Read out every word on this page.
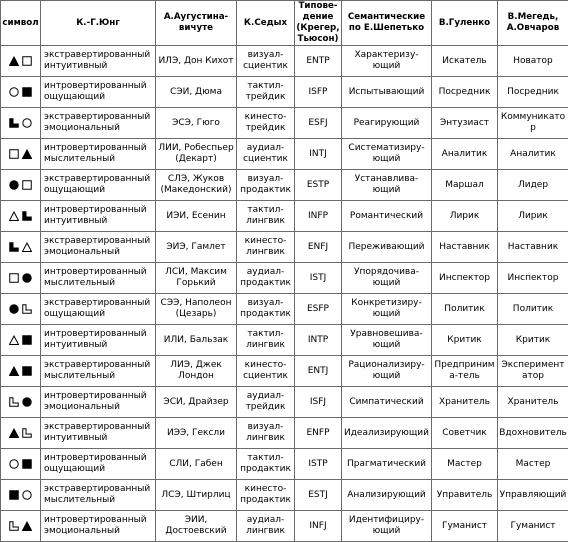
символ	К.-Г.Юнг	А.Аугустина-вичуте	К.Седых	Типове-дение (Крегер, Тьюсон)	Семантические по Е.Шепетько	В.Гуленко	В.Мегедь, А.Овчаров

	экстравертированный интуитивный	ИЛЭ, Дон Кихот	визуал-сциентик	ENTP	Характеризу-ющий	Искатель	Новатор

	интровертированный ощущающий	СЭИ, Дюма	тактил-трейдик	ISFP	Испытывающий	Посредник	Посредник

	экстравертированный эмоциональный	ЭСЭ, Гюго	кинесто-трейдик	ESFJ	Реагирующий	Энтузиаст	Коммуникатор

	интровертированный мыслительный	ЛИИ, Робеспьер (Декарт)	аудиал-сциентик	INTJ	Систематизиру-ющий	Аналитик	Аналитик

	экстравертированный ощущающий	СЛЭ, Жуков (Македонский)	визуал-продактик	ESTP	Устанавлива-ющий	Маршал	Лидер

	интровертированный интуитивный	ИЭИ, Есенин	тактил-лингвик	INFP	Романтический	Лирик	Лирик

	экстравертированный эмоциональный	ЭИЭ, Гамлет	кинесто-лингвик	ENFJ	Переживающий	Наставник	Наставник

	интровертированный мыслительный	ЛСИ, Максим Горький	аудиал-продактик	ISTJ	Упорядочива-ющий	Инспектор	Инспектор

	экстравертированный ощущающий	СЭЭ, Наполеон (Цезарь)	визуал-продактик	ESFP	Конкретизиру-ющий	Политик	Политик

	интровертированный интуитивный	ИЛИ, Бальзак	тактил-лингвик	INTP	Уравновешива-ющий	Критик	Критик

	экстравертированный мыслительный	ЛИЭ, Джек Лондон	кинесто-сциентик	ENTJ	Рационализиру-ющий	Предпринима-тель	Экспериментатор

	интровертированный эмоциональный	ЭСИ, Драйзер	аудиал-трейдик	ISFJ	Симпатический	Хранитель	Хранитель

	экстравертированный интуитивный	ИЭЭ, Гексли	визуал-лингвик	ENFP	Идеализирующий	Советчик	Вдохновитель

	интровертированный ощущающий	СЛИ, Габен	тактил-продактик	ISTP	Прагматический	Мастер	Мастер

	экстравертированный мыслительный	ЛСЭ, Штирлиц	кинесто-продактик	ESTJ	Анализирующий	Управитель	Управляющий

	интровертированный эмоциональный	ЭИИ, Достоевский	аудиал-лингвик	INFJ	Идентифициру-ющий	Гуманист	Гуманист
